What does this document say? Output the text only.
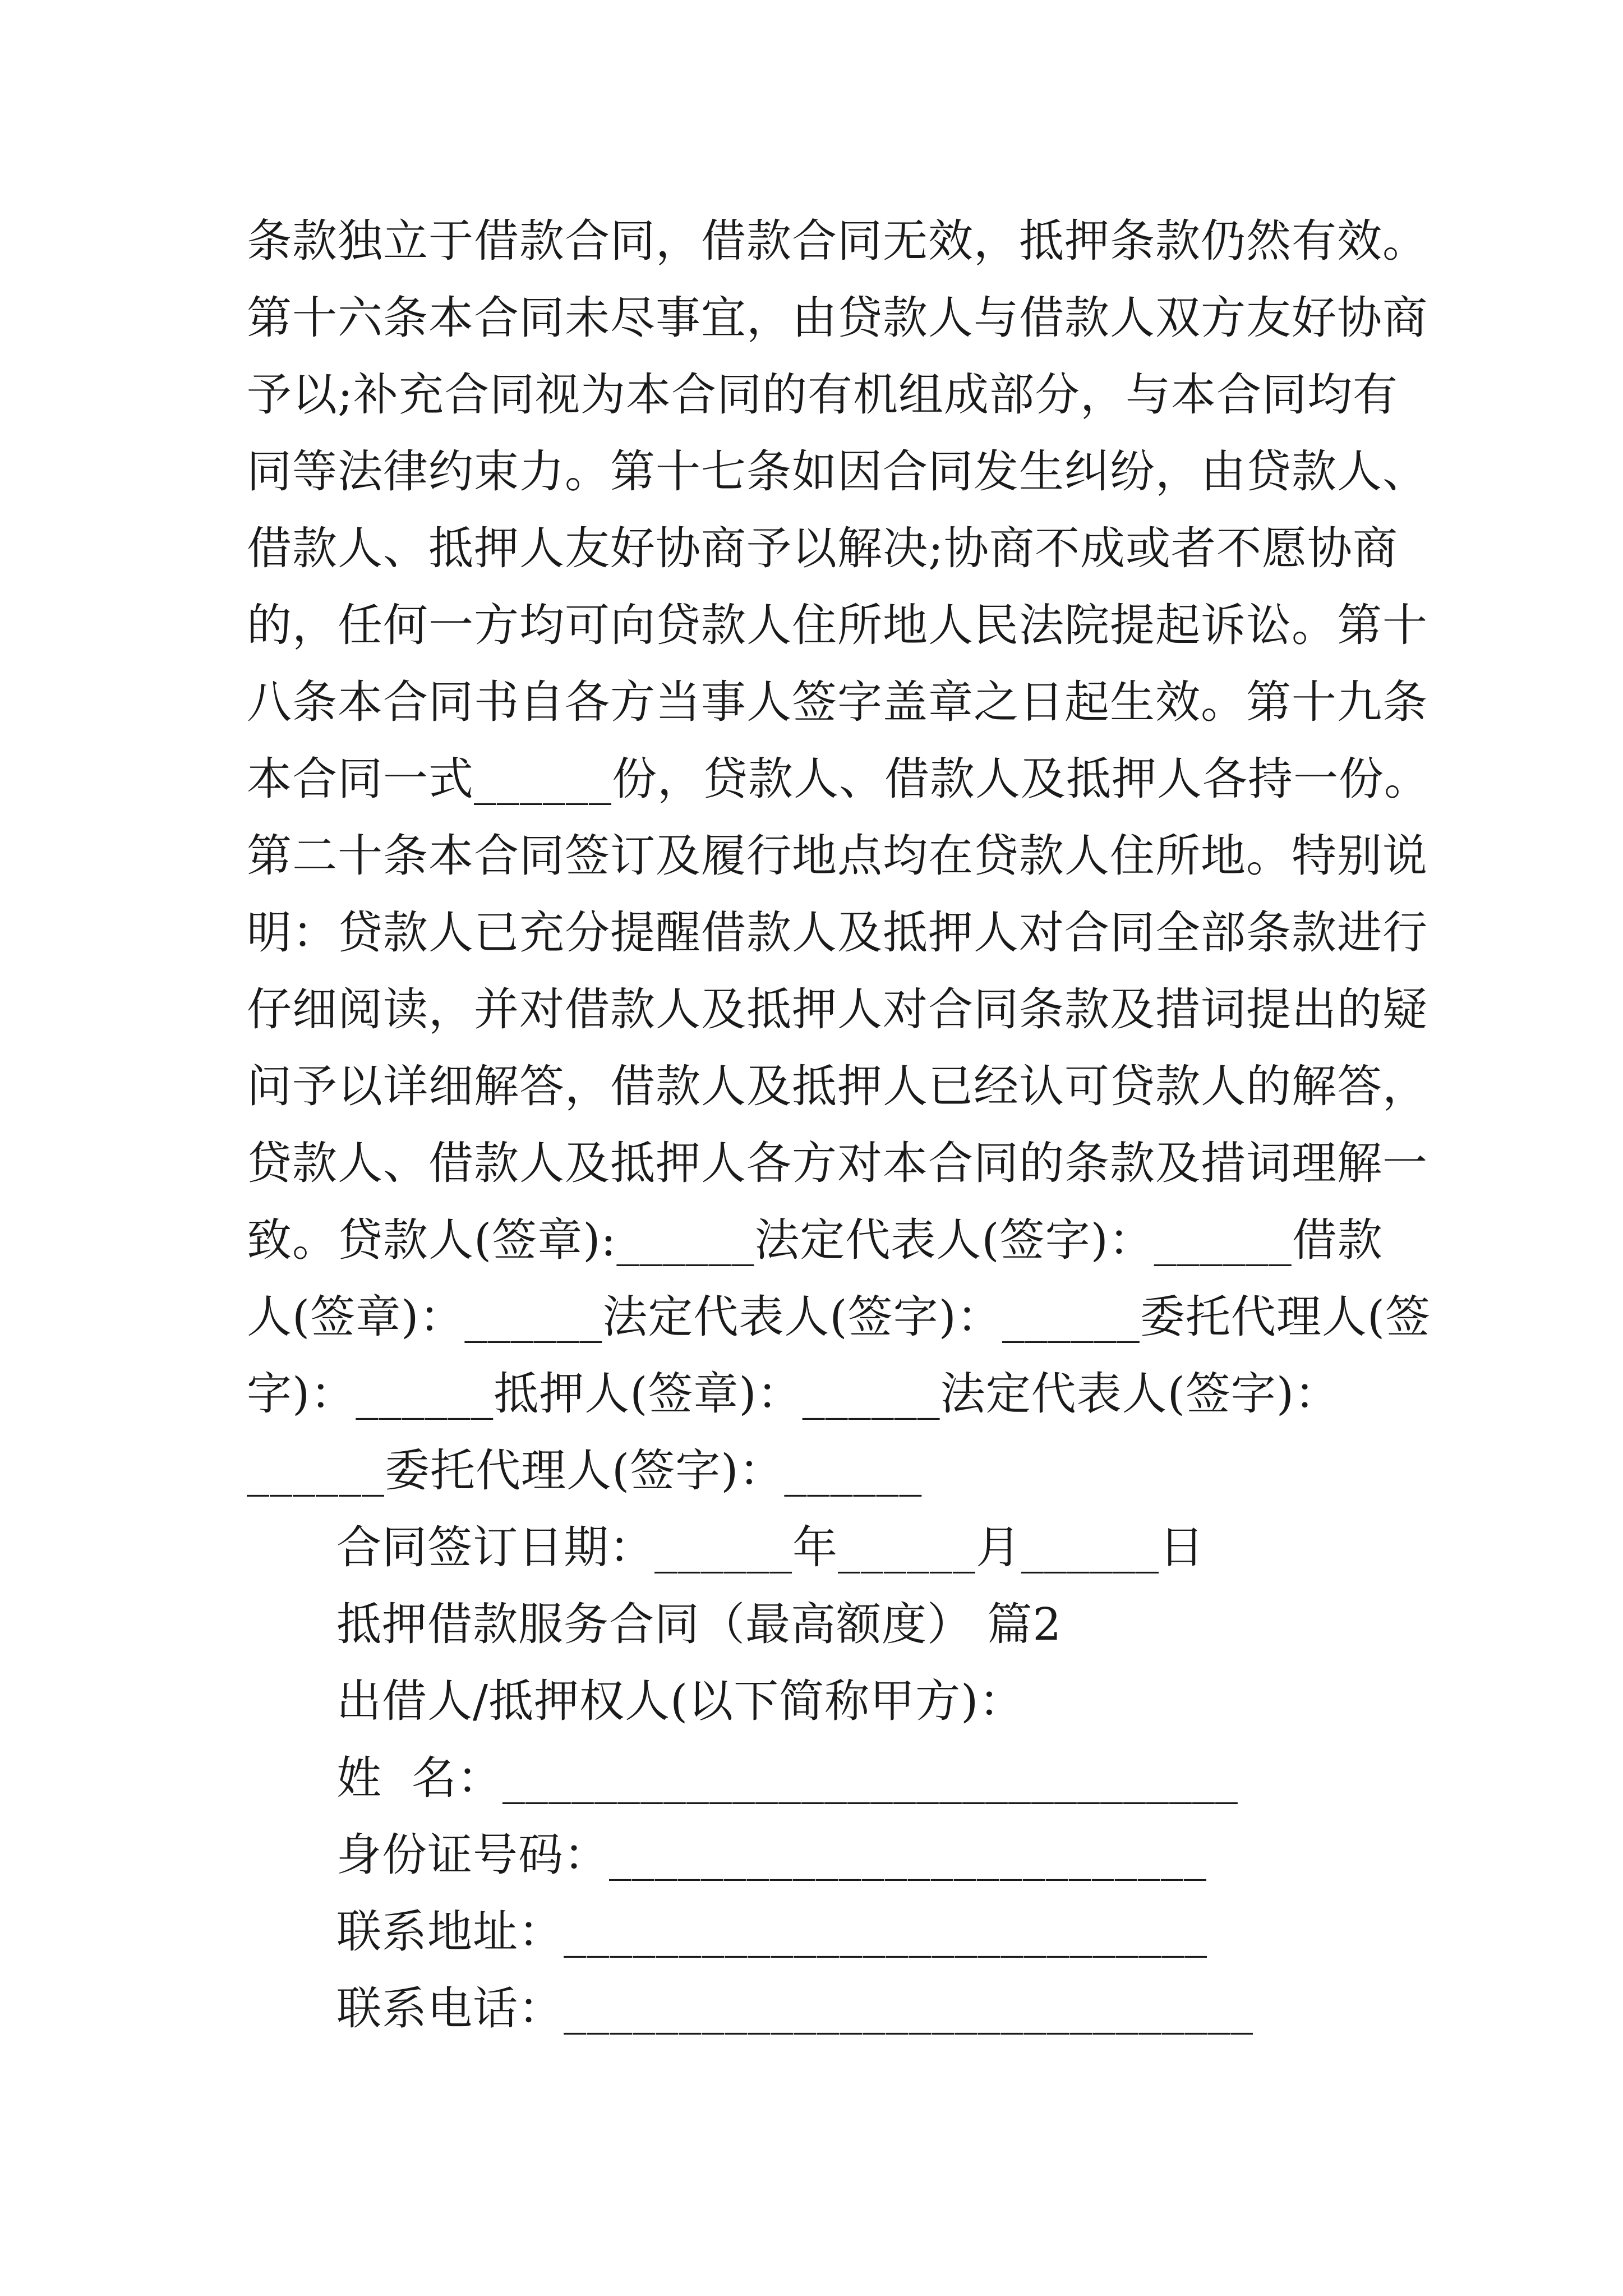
条款独立于借款合同，借款合同无效，抵押条款仍然有效。
第十六条本合同未尽事宜，由贷款人与借款人双方友好协商
予以;补充合同视为本合同的有机组成部分，与本合同均有
同等法律约束力。第十七条如因合同发生纠纷，由贷款人、
借款人、抵押人友好协商予以解决;协商不成或者不愿协商
的，任何一方均可向贷款人住所地人民法院提起诉讼。第十
八条本合同书自各方当事人签字盖章之日起生效。第十九条
本合同一式______份，贷款人、借款人及抵押人各持一份。
第二十条本合同签订及履行地点均在贷款人住所地。特别说
明：贷款人已充分提醒借款人及抵押人对合同全部条款进行
仔细阅读，并对借款人及抵押人对合同条款及措词提出的疑
问予以详细解答，借款人及抵押人已经认可贷款人的解答，
贷款人、借款人及抵押人各方对本合同的条款及措词理解一
致。贷款人(签章):______法定代表人(签字)：______借款
人(签章)：______法定代表人(签字)：______委托代理人(签
字)：______抵押人(签章)：______法定代表人(签字)：
______委托代理人(签字)：______
合同签订日期：______年______月______日
抵押借款服务合同（最高额度） 篇2
出借人/抵押权人(以下简称甲方)：
姓  名：________________________________
身份证号码：__________________________
联系地址：____________________________
联系电话：______________________________
